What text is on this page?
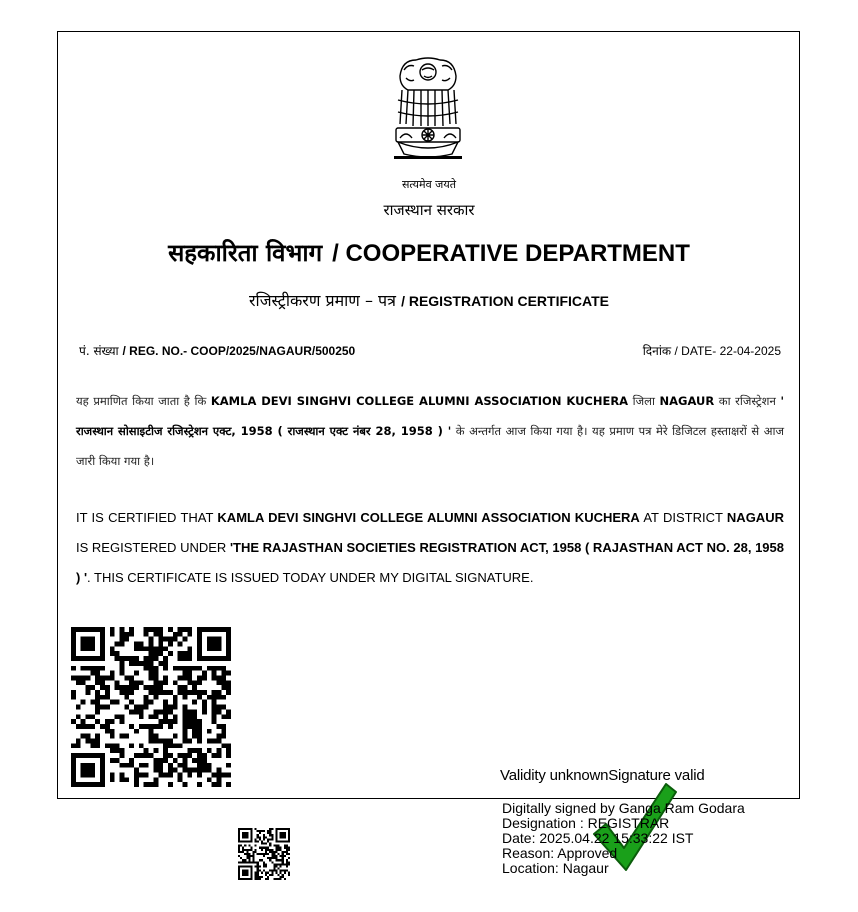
सत्यमेव जयते
राजस्थान सरकार
सहकारिता विभाग / COOPERATIVE DEPARTMENT
रजिस्ट्रीकरण प्रमाण – पत्र / REGISTRATION CERTIFICATE
पं. संख्या / REG. NO.- COOP/2025/NAGAUR/500250	दिनांक / DATE- 22-04-2025
यह प्रमाणित किया जाता है कि KAMLA DEVI SINGHVI COLLEGE ALUMNI ASSOCIATION KUCHERA जिला NAGAUR का रजिस्ट्रेशन ' राजस्थान सोसाइटीज रजिस्ट्रेशन एक्ट, 1958 ( राजस्थान एक्ट नंबर 28, 1958 ) ' के अन्तर्गत आज किया गया है। यह प्रमाण पत्र मेरे डिजिटल हस्ताक्षरों से आज जारी किया गया है।
IT IS CERTIFIED THAT KAMLA DEVI SINGHVI COLLEGE ALUMNI ASSOCIATION KUCHERA AT DISTRICT NAGAUR IS REGISTERED UNDER 'THE RAJASTHAN SOCIETIES REGISTRATION ACT, 1958 ( RAJASTHAN ACT NO. 28, 1958 ) '. THIS CERTIFICATE IS ISSUED TODAY UNDER MY DIGITAL SIGNATURE.
Validity unknownSignature valid
Digitally signed by Ganga Ram Godara
Designation : REGISTRAR
Date: 2025.04.22 15:33:22 IST
Reason: Approved
Location: Nagaur
